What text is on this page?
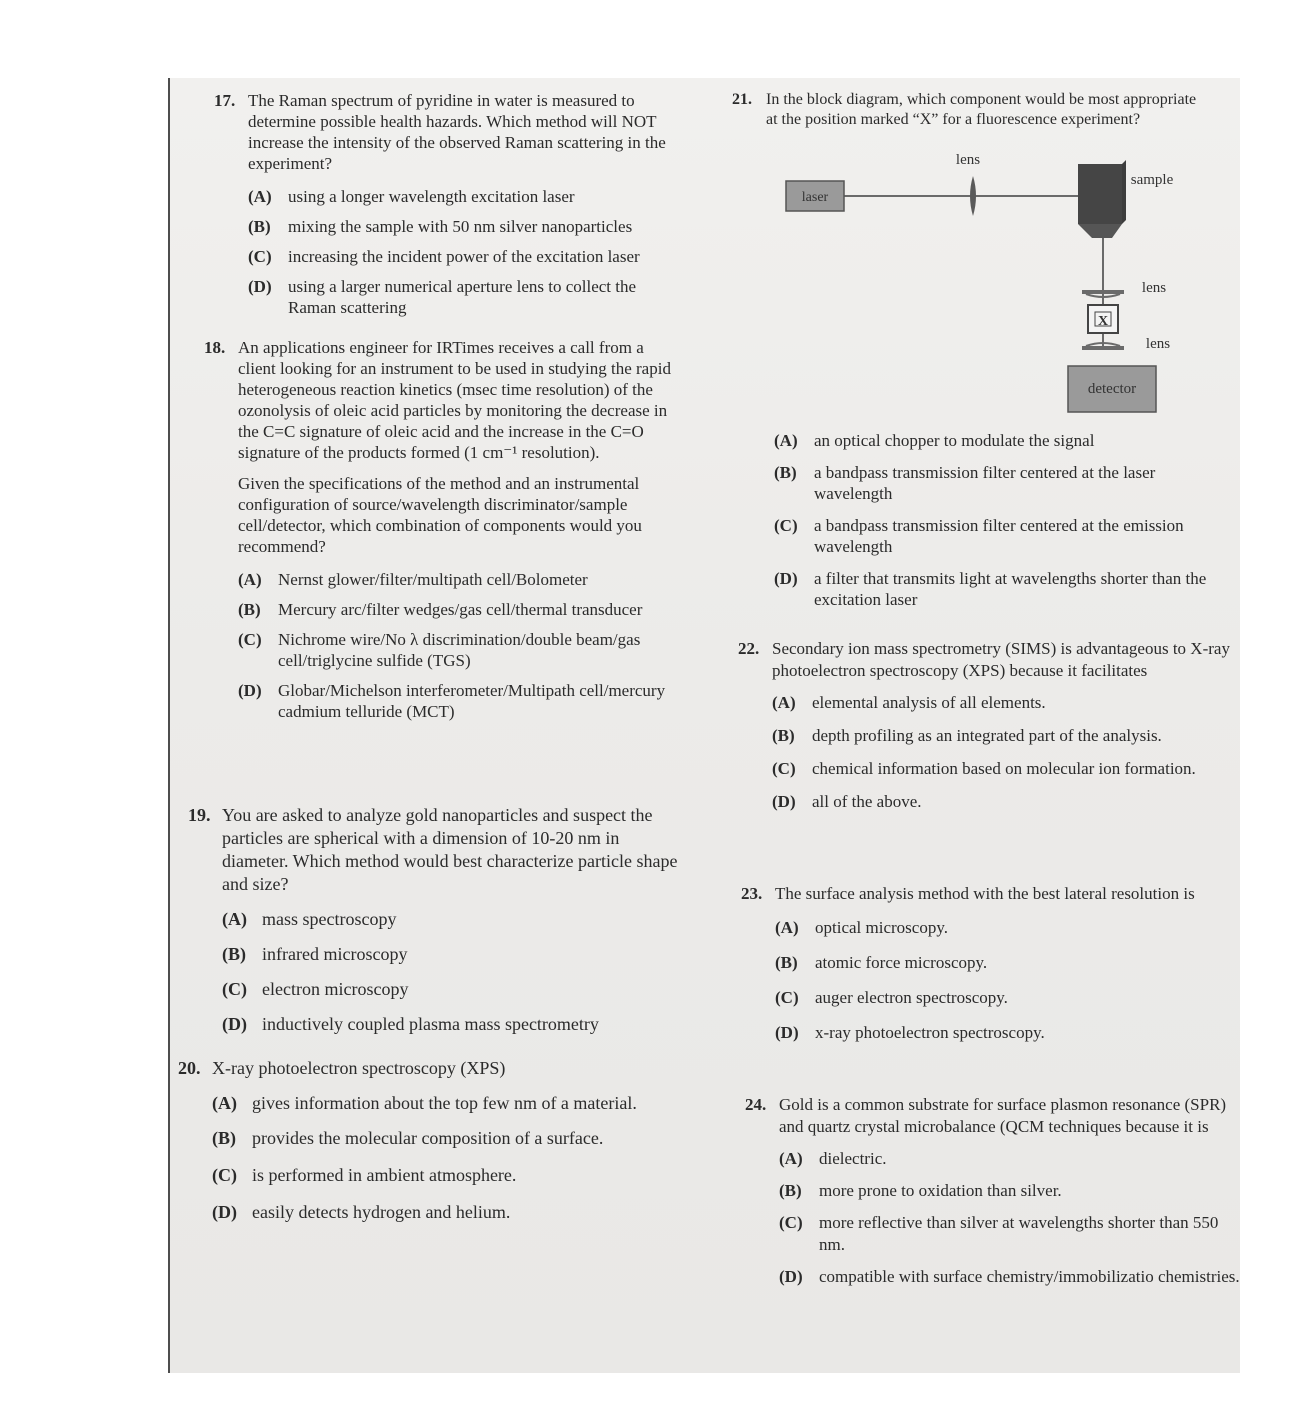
17. The Raman spectrum of pyridine in water is measured to determine possible health hazards. Which method will NOT increase the intensity of the observed Raman scattering in the experiment?

(A) using a longer wavelength excitation laser
(B) mixing the sample with 50 nm silver nanoparticles
(C) increasing the incident power of the excitation laser
(D) using a larger numerical aperture lens to collect the Raman scattering
18. An applications engineer for IRTimes receives a call from a client looking for an instrument to be used in studying the rapid heterogeneous reaction kinetics (msec time resolution) of the ozonolysis of oleic acid particles by monitoring the decrease in the C=C signature of oleic acid and the increase in the C=O signature of the products formed (1 cm⁻¹ resolution).

Given the specifications of the method and an instrumental configuration of source/wavelength discriminator/sample cell/detector, which combination of components would you recommend?

(A) Nernst glower/filter/multipath cell/Bolometer
(B) Mercury arc/filter wedges/gas cell/thermal transducer
(C) Nichrome wire/No λ discrimination/double beam/gas cell/triglycine sulfide (TGS)
(D) Globar/Michelson interferometer/Multipath cell/mercury cadmium telluride (MCT)
19. You are asked to analyze gold nanoparticles and suspect the particles are spherical with a dimension of 10-20 nm in diameter. Which method would best characterize particle shape and size?

(A) mass spectroscopy
(B) infrared microscopy
(C) electron microscopy
(D) inductively coupled plasma mass spectrometry
20. X-ray photoelectron spectroscopy (XPS)

(A) gives information about the top few nm of a material.
(B) provides the molecular composition of a surface.
(C) is performed in ambient atmosphere.
(D) easily detects hydrogen and helium.
21. In the block diagram, which component would be most appropriate at the position marked “X” for a fluorescence experiment?

laser
lens
sample
lens
X
lens
detector
(A) an optical chopper to modulate the signal
(B) a bandpass transmission filter centered at the laser wavelength
(C) a bandpass transmission filter centered at the emission wavelength
(D) a filter that transmits light at wavelengths shorter than the excitation laser
22. Secondary ion mass spectrometry (SIMS) is advantageous to X-ray photoelectron spectroscopy (XPS) because it facilitates

(A) elemental analysis of all elements.
(B) depth profiling as an integrated part of the analysis.
(C) chemical information based on molecular ion formation.
(D) all of the above.
23. The surface analysis method with the best lateral resolution is

(A) optical microscopy.
(B) atomic force microscopy.
(C) auger electron spectroscopy.
(D) x-ray photoelectron spectroscopy.
24. Gold is a common substrate for surface plasmon resonance (SPR) and quartz crystal microbalance (QCM techniques because it is

(A) dielectric.
(B) more prone to oxidation than silver.
(C) more reflective than silver at wavelengths shorter than 550 nm.
(D) compatible with surface chemistry/immobilizatio chemistries.
